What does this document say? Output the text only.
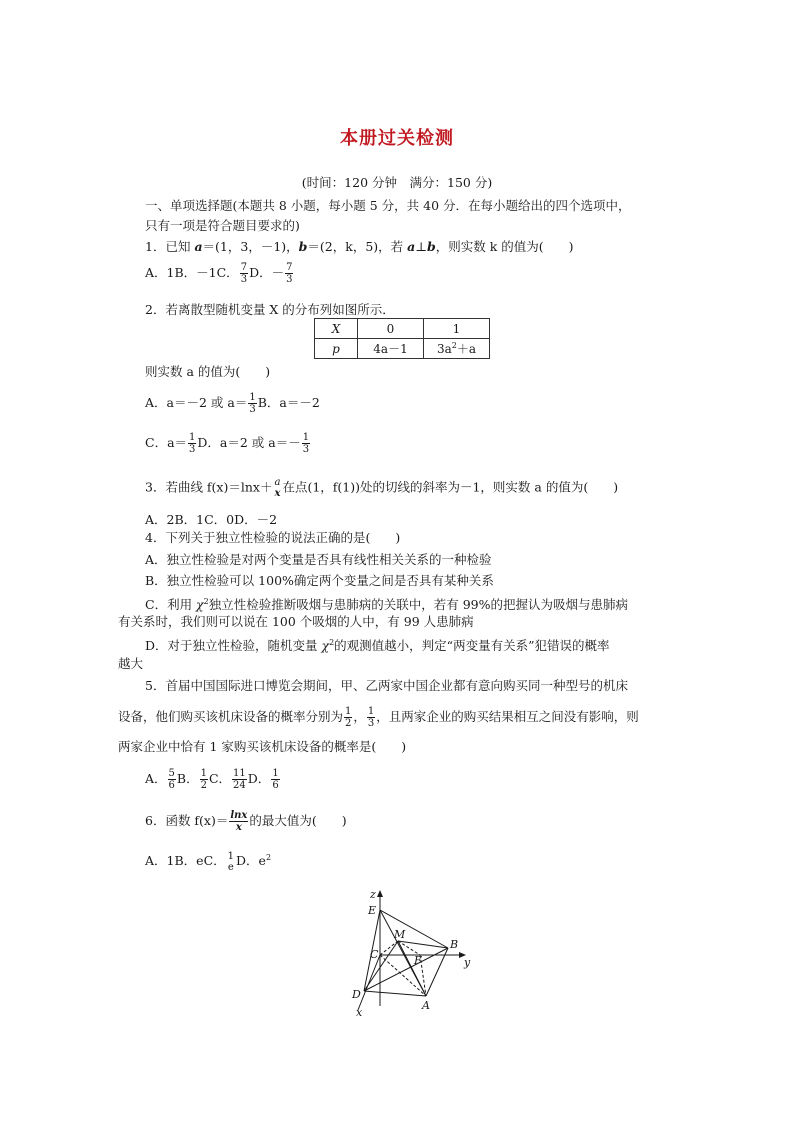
本册过关检测
(时间：120 分钟　满分：150 分)
一、单项选择题(本题共 8 小题，每小题 5 分，共 40 分．在每小题给出的四个选项中，
只有一项是符合题目要求的)
1．已知 a＝(1，3，－1)，b＝(2，k，5)，若 a⊥b，则实数 k 的值为(　　)
A．1B．－1C． $\frac{7}{3}$ D．－ $\frac{7}{3}$
2．若离散型随机变量 X 的分布列如图所示．
X	0	1
p	4a－1	$3a^2+a$
则实数 a 的值为(　　)
A．a＝－2 或 $a= \frac{1}{3}$ B．a＝－2
C．$a= \frac{1}{3}$ D．a＝2 或 $a=- \frac{1}{3}$
3．若曲线 f(x)＝lnx＋ a
x 在点(1，f(1))处的切线的斜率为－1，则实数 a 的值为(　　)
A．2B．1C．0D．－2
4．下列关于独立性检验的说法正确的是(　　)
A．独立性检验是对两个变量是否具有线性相关关系的一种检验
B．独立性检验可以 100%确定两个变量之间是否具有某种关系
C．利用 $\chi^2$独立性检验推断吸烟与患肺病的关联中，若有 99%的把握认为吸烟与患肺病
有关系时，我们则可以说在 100 个吸烟的人中，有 99 人患肺病
D．对于独立性检验，随机变量 $\chi^2$的观测值越小，判定“两变量有关系”犯错误的概率
越大
5．首届中国国际进口博览会期间，甲、乙两家中国企业都有意向购买同一种型号的机床
设备，他们购买该机床设备的概率分别为 $\frac{1}{2}$ ， $\frac{1}{3}$ ，且两家企业的购买结果相互之间没有影响，则
两家企业中恰有 1 家购买该机床设备的概率是(　　)
A． $\frac{5}{6}$ B． $\frac{1}{2}$ C． $\frac{11}{24}$ D． $\frac{1}{6}$
6．函数 $f(x)= \frac{\ln x}{x}$ 的最大值为(　　)
A．1B．eC． 1
e D．$e^2$
z
y
x
E
M
C	F
B
D
A
